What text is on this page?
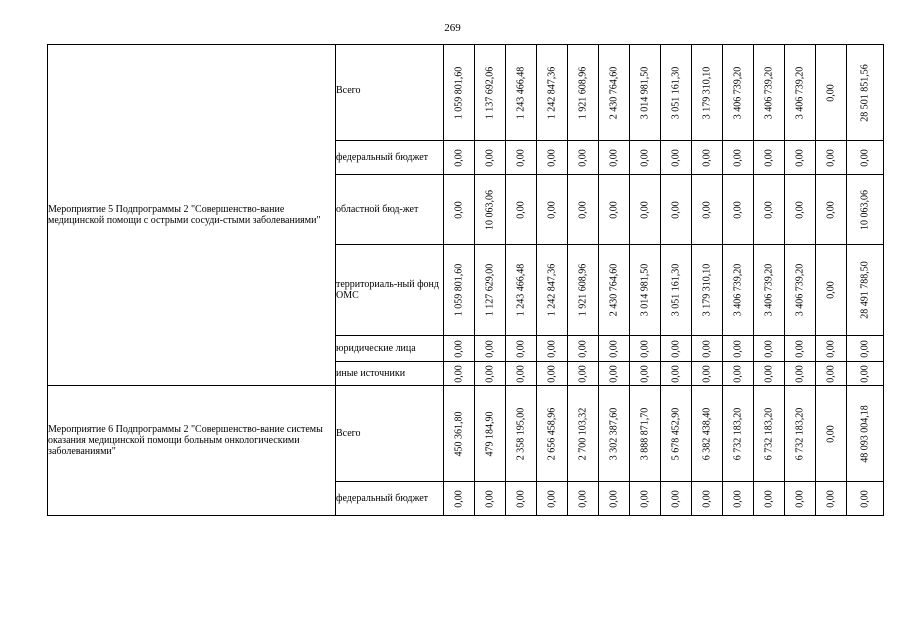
269
Мероприятие 5 Подпрограммы 2 "Совершенство-вание медицинской помощи с острыми сосуди-стыми заболеваниями"	Всего	1 059 801,60	1 137 692,06	1 243 466,48	1 242 847,36	1 921 608,96	2 430 764,60	3 014 981,50	3 051 161,30	3 179 310,10	3 406 739,20	3 406 739,20	3 406 739,20	0,00	28 501 851,56

	федеральный бюджет	0,00	0,00	0,00	0,00	0,00	0,00	0,00	0,00	0,00	0,00	0,00	0,00	0,00	0,00

	областной бюд-жет	0,00	10 063,06	0,00	0,00	0,00	0,00	0,00	0,00	0,00	0,00	0,00	0,00	0,00	10 063,06

	территориаль-ный фонд ОМС	1 059 801,60	1 127 629,00	1 243 466,48	1 242 847,36	1 921 608,96	2 430 764,60	3 014 981,50	3 051 161,30	3 179 310,10	3 406 739,20	3 406 739,20	3 406 739,20	0,00	28 491 788,50

	юридические лица	0,00	0,00	0,00	0,00	0,00	0,00	0,00	0,00	0,00	0,00	0,00	0,00	0,00	0,00

	иные источники	0,00	0,00	0,00	0,00	0,00	0,00	0,00	0,00	0,00	0,00	0,00	0,00	0,00	0,00

Мероприятие 6 Подпрограммы 2 "Совершенство-вание системы оказания медицинской помощи больным онкологическими заболеваниями"	Всего	450 361,80	479 184,90	2 358 195,00	2 656 458,96	2 700 103,32	3 302 387,60	3 888 871,70	5 678 452,90	6 382 438,40	6 732 183,20	6 732 183,20	6 732 183,20	0,00	48 093 004,18

	федеральный бюджет	0,00	0,00	0,00	0,00	0,00	0,00	0,00	0,00	0,00	0,00	0,00	0,00	0,00	0,00
